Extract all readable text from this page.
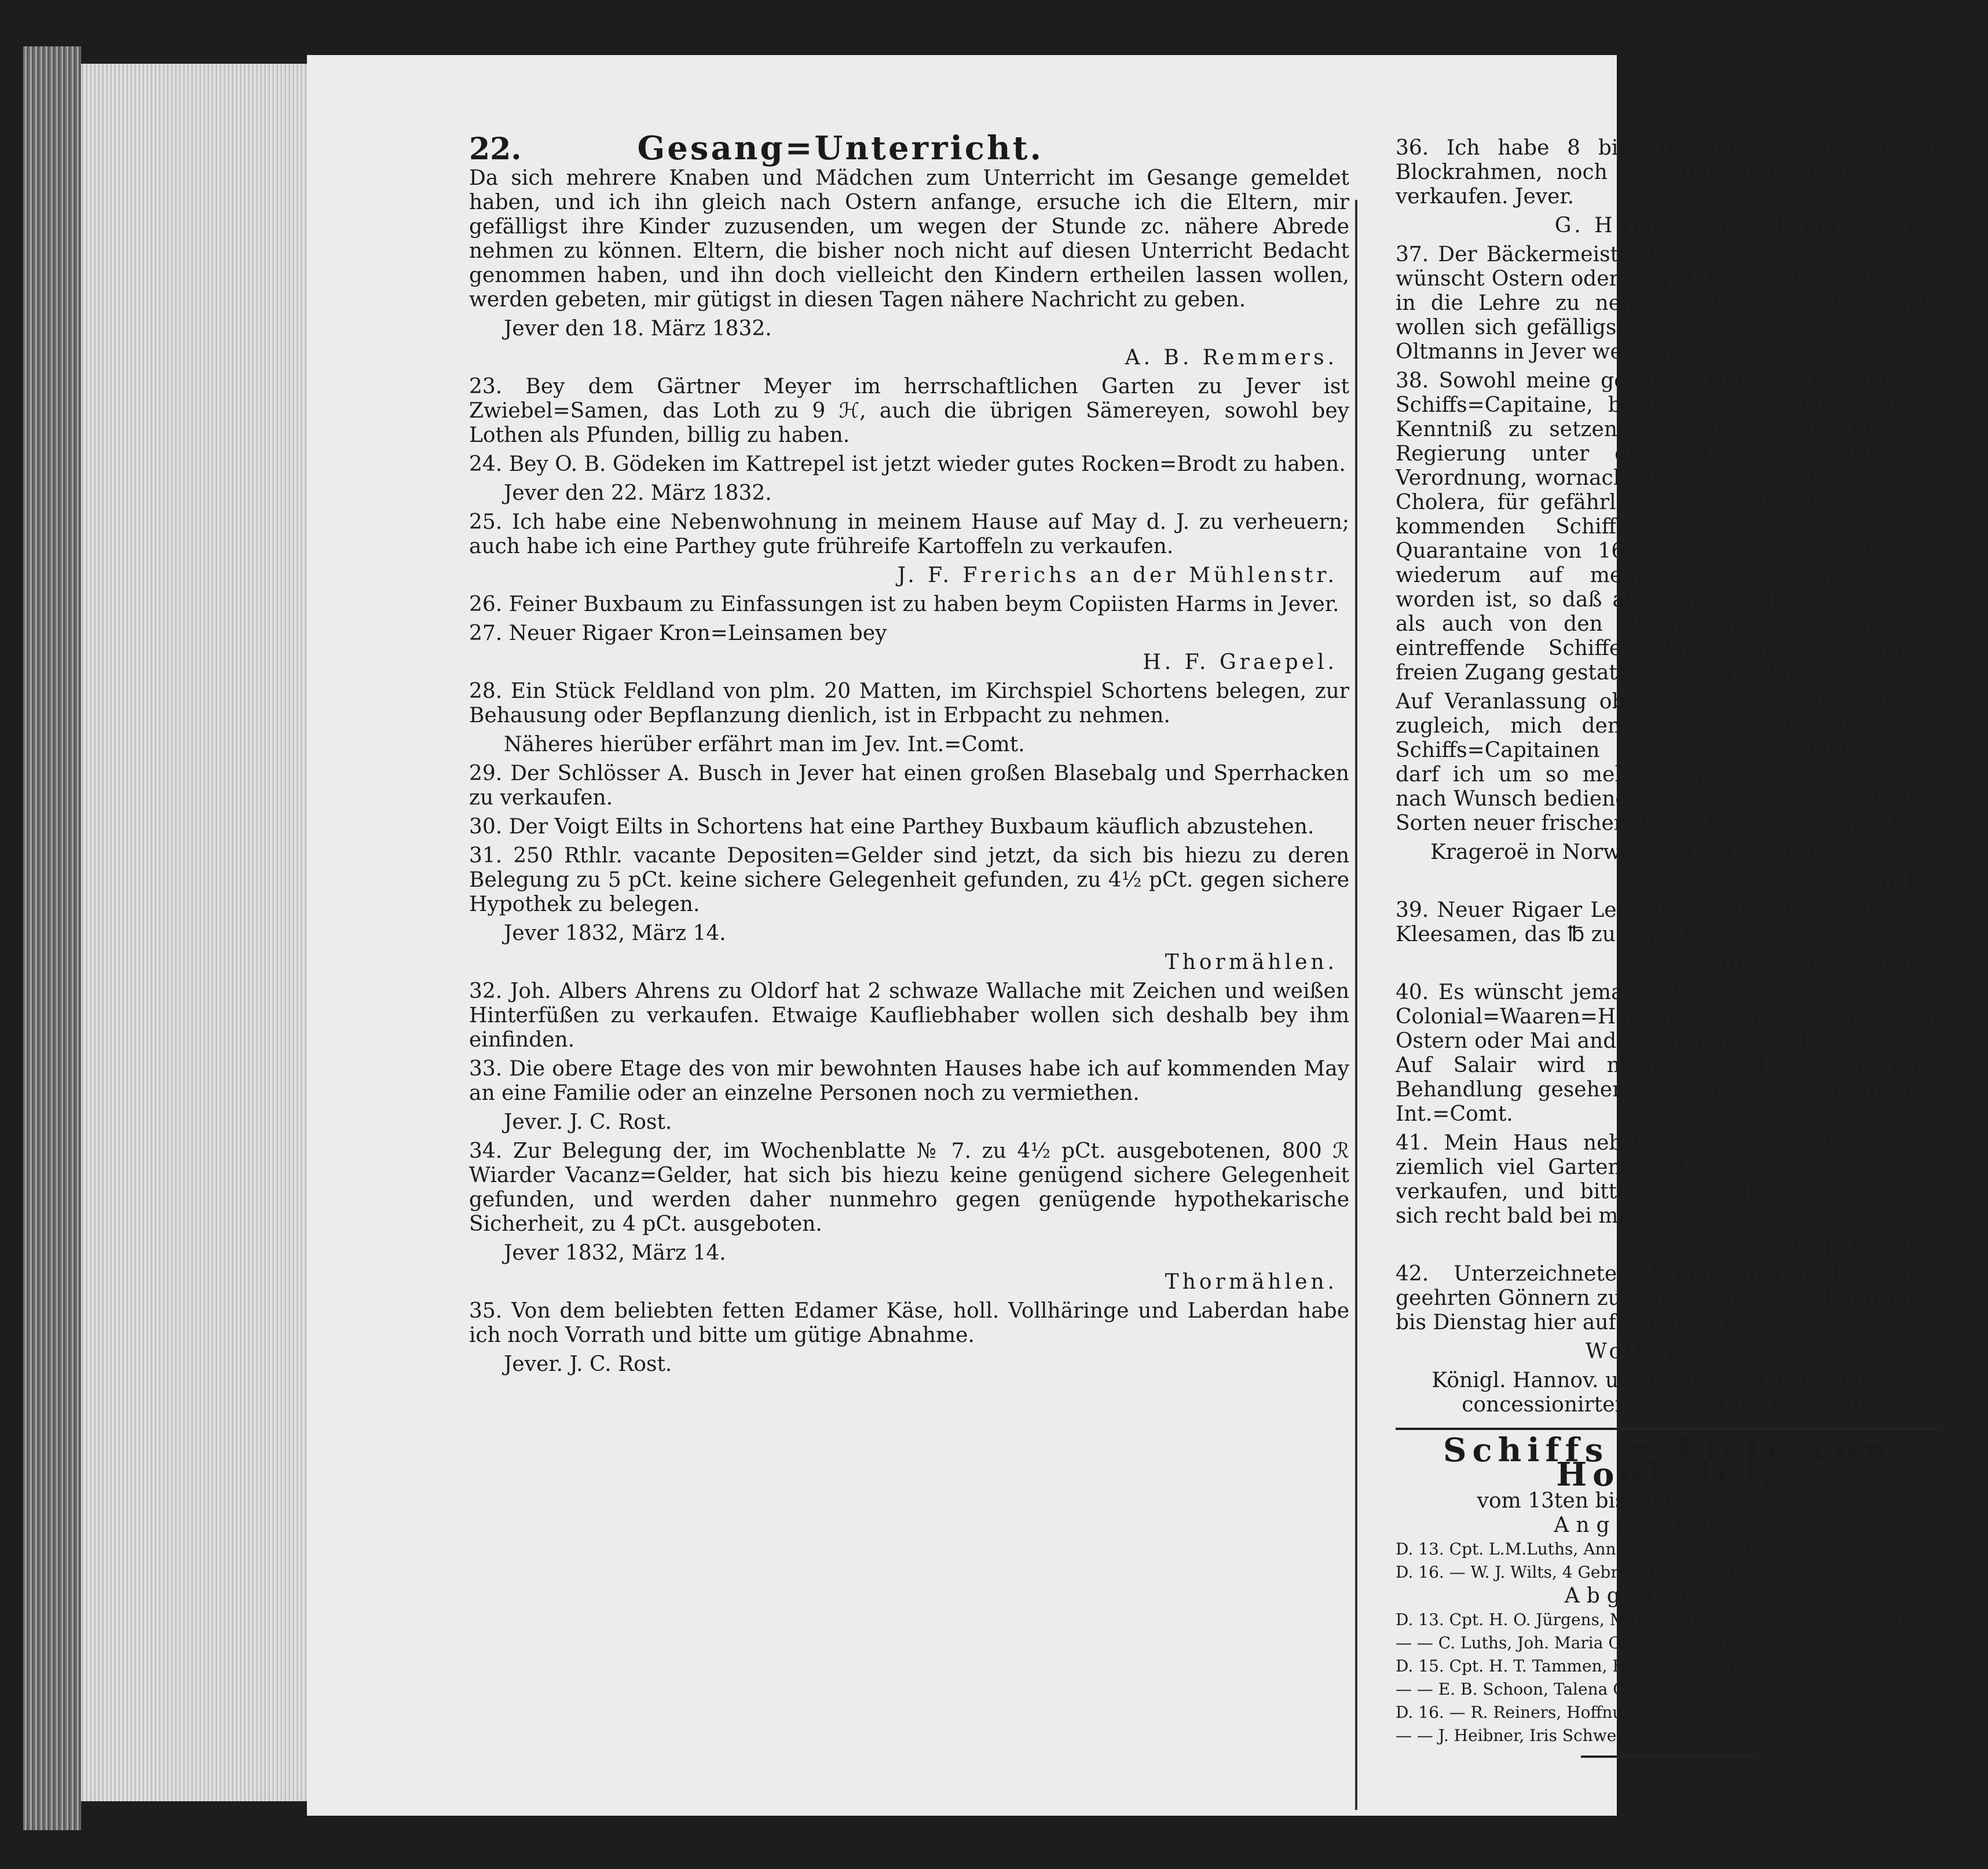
22.	Gesang=Unterricht.

Da sich mehrere Knaben und Mädchen zum Unterricht im Gesange gemeldet haben, und ich ihn gleich nach Ostern anfange, ersuche ich die Eltern, mir gefälligst ihre Kinder zuzusenden, um wegen der Stunde zc. nähere Abrede nehmen zu können. Eltern, die bisher noch nicht auf diesen Unterricht Bedacht genommen haben, und ihn doch vielleicht den Kindern ertheilen lassen wollen, werden gebeten, mir gütigst in diesen Tagen nähere Nachricht zu geben.

Jever den 18. März 1832.

A. B. Remmers.

23. Bey dem Gärtner Meyer im herrschaftlichen Garten zu Jever ist Zwiebel=Samen, das Loth zu 9 ℋ, auch die übrigen Sämereyen, sowohl bey Lothen als Pfunden, billig zu haben.

24. Bey O. B. Gödeken im Kattrepel ist jetzt wieder gutes Rocken=Brodt zu haben.

Jever den 22. März 1832.

25. Ich habe eine Nebenwohnung in meinem Hause auf May d. J. zu verheuern; auch habe ich eine Parthey gute frühreife Kartoffeln zu verkaufen.

J. F. Frerichs an der Mühlenstr.

26. Feiner Buxbaum zu Einfassungen ist zu haben beym Copiisten Harms in Jever.

27. Neuer Rigaer Kron=Leinsamen bey

H. F. Graepel.

28. Ein Stück Feldland von plm. 20 Matten, im Kirchspiel Schortens belegen, zur Behausung oder Bepflanzung dienlich, ist in Erbpacht zu nehmen.

Näheres hierüber erfährt man im Jev. Int.=Comt.

29. Der Schlösser A. Busch in Jever hat einen großen Blasebalg und Sperrhacken zu verkaufen.

30. Der Voigt Eilts in Schortens hat eine Parthey Buxbaum käuflich abzustehen.

31. 250 Rthlr. vacante Depositen=Gelder sind jetzt, da sich bis hiezu zu deren Belegung zu 5 pCt. keine sichere Gelegenheit gefunden, zu 4½ pCt. gegen sichere Hypothek zu belegen.

Jever 1832, März 14.

Thormählen.

32. Joh. Albers Ahrens zu Oldorf hat 2 schwaze Wallache mit Zeichen und weißen Hinterfüßen zu verkaufen. Etwaige Kaufliebhaber wollen sich deshalb bey ihm einfinden.

33. Die obere Etage des von mir bewohnten Hauses habe ich auf kommenden May an eine Familie oder an einzelne Personen noch zu vermiethen.

Jever. J. C. Rost.

34. Zur Belegung der, im Wochenblatte № 7. zu 4½ pCt. ausgebotenen, 800 ℛ Wiarder Vacanz=Gelder, hat sich bis hiezu keine genügend sichere Gelegenheit gefunden, und werden daher nunmehro gegen genügende hypothekarische Sicherheit, zu 4 pCt. ausgeboten.

Jever 1832, März 14.

Thormählen.

35. Von dem beliebten fetten Edamer Käse, holl. Vollhäringe und Laberdan habe ich noch Vorrath und bitte um gütige Abnahme.

Jever. J. C. Rost.

36. Ich habe 8 bis 10 Fach Glasrahmen mit Blockrahmen, noch sehr gut zu gebrauchen, zu verkaufen. Jever.

G. Harms, Tischlermeister.

37. Der Bäckermeister G. W. Reiners in Wittmund wünscht Ostern oder May d. J. einen Lehrburschen in die Lehre zu nehmen. Hierauf Reflectirende wollen sich gefälligst an den Bäckermeister N. W. Oltmanns in Jever wenden.

38. Sowohl meine geehrten Handels=Freunde als Schiffs=Capitaine, beeile ich mich hierdurch in Kenntniß zu setzen, daß die von der hiesigen Regierung unter dem 21. v. M. erlassene Verordnung, wornach Ostfriesland, in Hinsicht der Cholera, für gefährlich erklärt, und die von dort kommenden Schiffe, ohne Ausnahme, eine Quarantaine von 16 Tagen auszuhalten hätten, wiederum auf mein Verwenden aufgehoben worden ist, so daß alle von den dortigen sowohl, als auch von den Oldenburgischen Häfen hier eintreffende Schiffe, ohne weiteres fernerhin freien Zugang gestattet werden sollen.

Auf Veranlassung obiger Zeilen, erlaube ich mir zugleich, mich den Herren Holzhändlern und Schiffs=Capitainen bestens zu empfehlen, und darf ich um so mehr versprechen, einem jeden nach Wunsch bedienen zu können, als ich mit allen Sorten neuer frischer Hölzer bereits versehen bin.

Krageroë in Norwegen d. 19. Febr. 1832.

J. G. Dahll.

39. Neuer Rigaer Leinsamen und schöner hiesiger Kleesamen, das ℔ zu 7 gr., bei

M. Abels zu Accum.

40. Es wünscht jemand, der mehre Jahre in einer Colonial=Waaren=Handlung gestanden, auf Ostern oder Mai anderweitig angestellt zu werden. Auf Salair wird nicht so viel als auf gute Behandlung gesehen. Nähere Nachricht im Jev. Int.=Comt.

41. Mein Haus nebst einer Strecke Deich und ziemlich viel Gartengrund bei Middoge, will ich verkaufen, und bitte ich Kaufliebhaber deshalb sich recht bald bei mir einzufinden.

W. M. Janßen.

42. Unterzeichneter bringt hierdurch seinen geehrten Gönnern zur Kunde, daß er sich nur noch bis Dienstag hier aufhalten wird.

Wolff jun. aus Hannover,

Königl. Hannov. u. Großherzogl. Oldenburgl. concessionirter Zahnarzt u. Operateur.

Schiffs = Liste von Hooksiel,
vom 13ten bis incl. den 16ten März.
Angekommen.
D. 13. Cpt. L.M.Luths, Anna Marg. Old. fl. led. v. Wangeroge
D. 16. — W. J. Wilts, 4 Gebrüd. Old. fl. led. v. dito.
Abgefahren.
D. 13. Cpt. H. O. Jürgens, Marg. Cathar. Old. fl. m. Hafer n. Amsterdam.
— — C. Luths, Joh. Maria Old. fl. m. Hafer n. Bremen.
D. 15. Cpt. H. T. Tammen, Hoffn. Hann. fl. m. Bohnen n. Emden.
— — E. B. Schoon, Talena Old. fl. m. Hafer n. Bremen.
D. 16. — R. Reiners, Hoffnung Old. fl. m. Getreide n. dito.
— — J. Heibner, Iris Schwed. fl. m. Theer u. Eisen n. Hamb.
